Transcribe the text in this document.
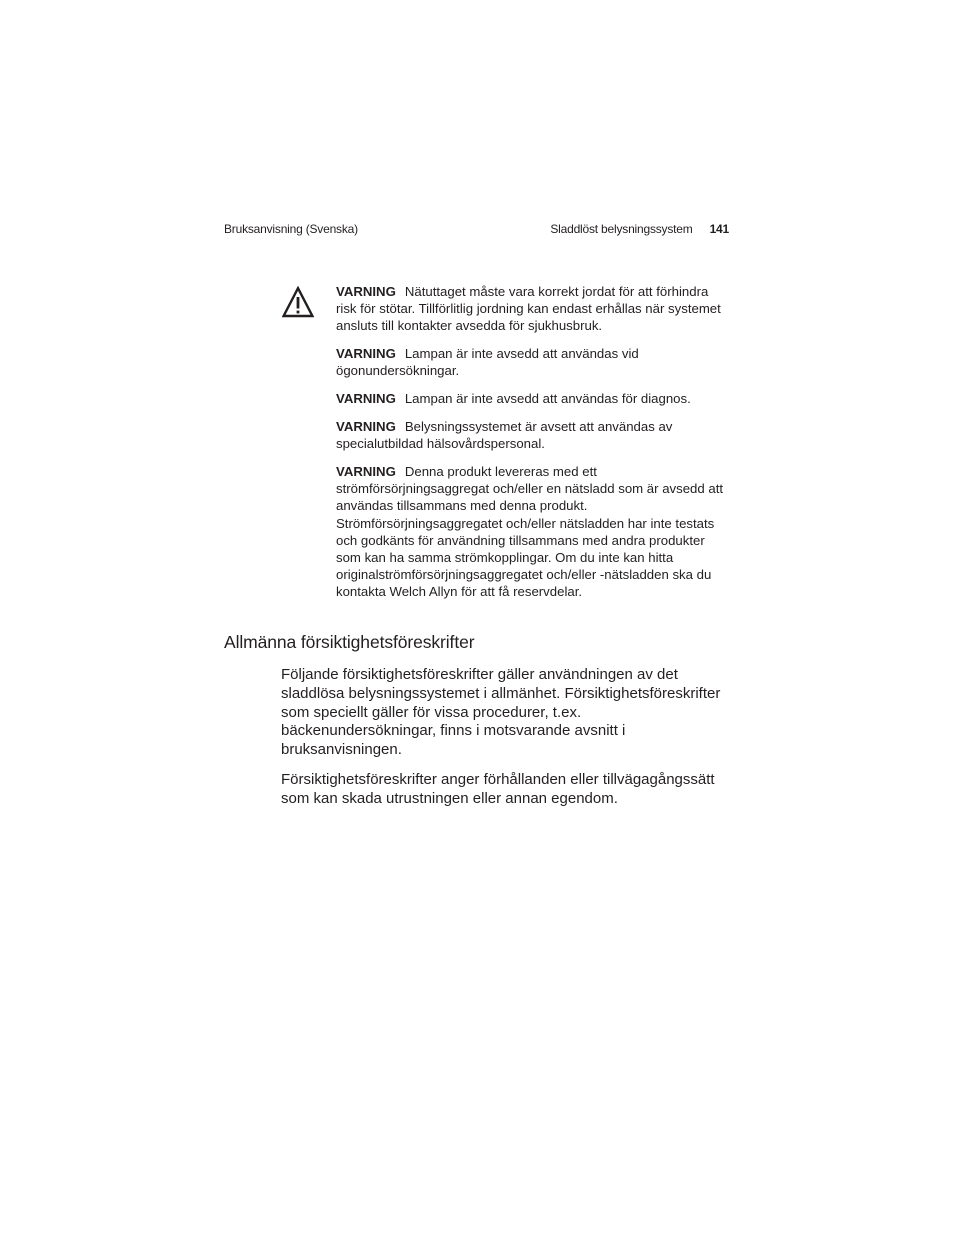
Bruksanvisning (Svenska)	Sladdlöst belysningssystem 141

VARNING Nätuttaget måste vara korrekt jordat för att förhindra risk för stötar. Tillförlitlig jordning kan endast erhållas när systemet ansluts till kontakter avsedda för sjukhusbruk.

VARNING Lampan är inte avsedd att användas vid ögonundersökningar.

VARNING Lampan är inte avsedd att användas för diagnos.

VARNING Belysningssystemet är avsett att användas av specialutbildad hälsovårdspersonal.

VARNING Denna produkt levereras med ett strömförsörjningsaggregat och/eller en nätsladd som är avsedd att användas tillsammans med denna produkt. Strömförsörjningsaggregatet och/eller nätsladden har inte testats och godkänts för användning tillsammans med andra produkter som kan ha samma strömkopplingar. Om du inte kan hitta originalströmförsörjningsaggregatet och/eller -nätsladden ska du kontakta Welch Allyn för att få reservdelar.

Allmänna försiktighetsföreskrifter

Följande försiktighetsföreskrifter gäller användningen av det sladdlösa belysningssystemet i allmänhet. Försiktighetsföreskrifter som speciellt gäller för vissa procedurer, t.ex. bäckenundersökningar, finns i motsvarande avsnitt i bruksanvisningen.

Försiktighetsföreskrifter anger förhållanden eller tillvägagångssätt som kan skada utrustningen eller annan egendom.
